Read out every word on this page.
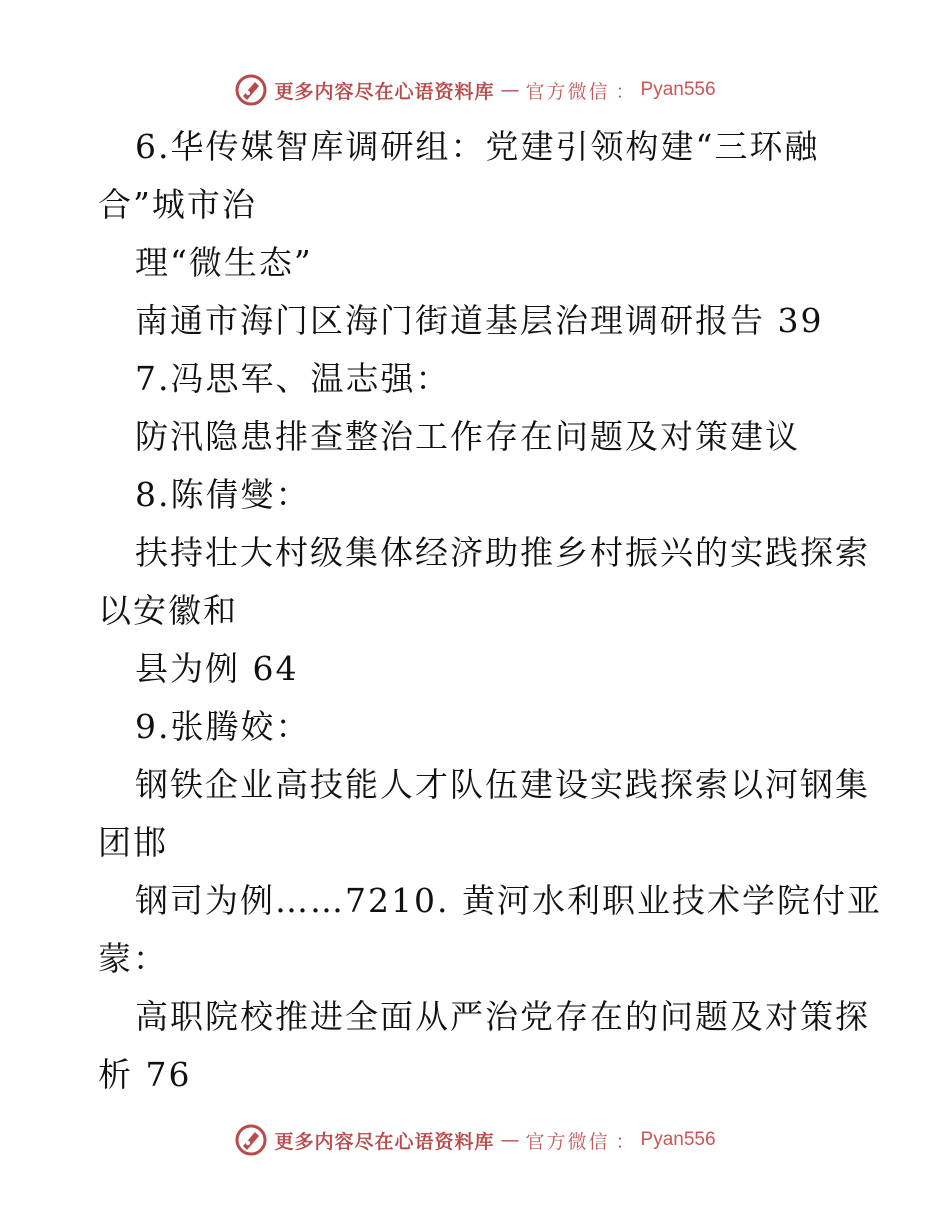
更多内容尽在心语资料库 — 官方微信 ： Pyan556
6.华传媒智库调研组：党建引领构建“三环融
合”城市治
理“微生态”
南通市海门区海门街道基层治理调研报告 39
7.冯思军、温志强：
防汛隐患排查整治工作存在问题及对策建议
8.陈倩燮：
扶持壮大村级集体经济助推乡村振兴的实践探索
以安徽和
县为例 64
9.张腾姣：
钢铁企业高技能人才队伍建设实践探索以河钢集
团邯
钢司为例……7210. 黄河水利职业技术学院付亚
蒙：
高职院校推进全面从严治党存在的问题及对策探
析 76
更多内容尽在心语资料库 — 官方微信 ： Pyan556
